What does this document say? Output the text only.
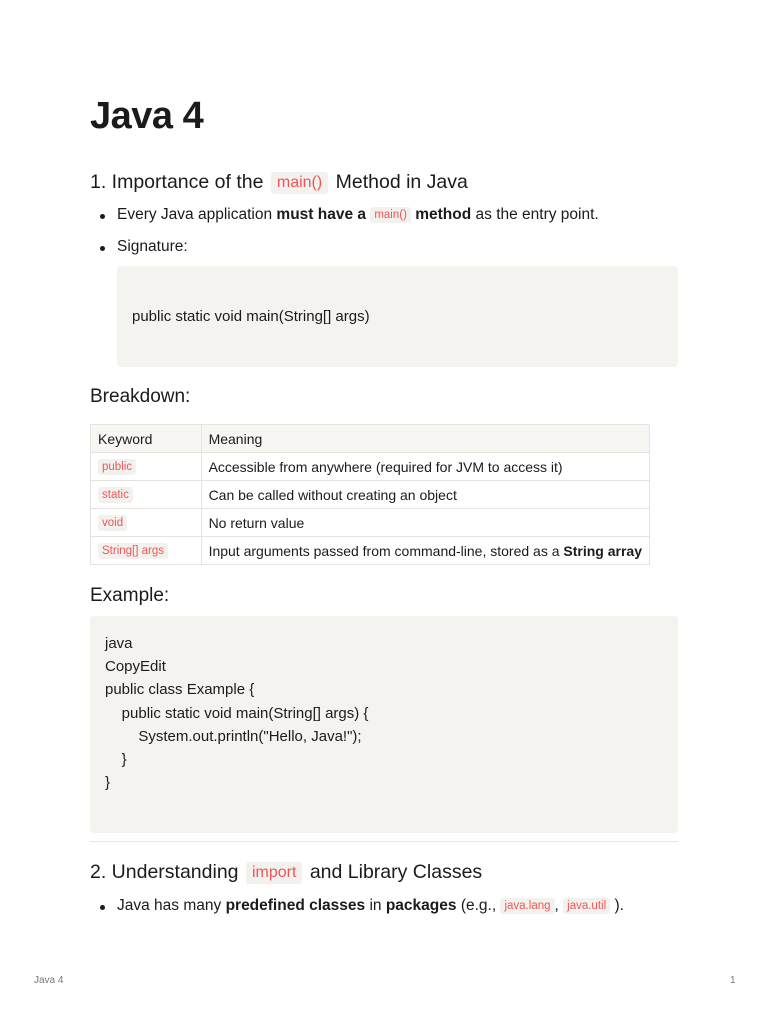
Java 4
1. Importance of the main() Method in Java
Every Java application must have a main() method as the entry point.
Signature:
public static void main(String[] args)
Breakdown:
Keyword	Meaning
public	Accessible from anywhere (required for JVM to access it)
static	Can be called without creating an object
void	No return value
String[] args	Input arguments passed from command-line, stored as a String array
Example:
java
CopyEdit
public class Example {
public static void main(String[] args) {
System.out.println("Hello, Java!");
}
}
2. Understanding import and Library Classes
Java has many predefined classes in packages (e.g., java.lang , java.util ).
Java 4	1
